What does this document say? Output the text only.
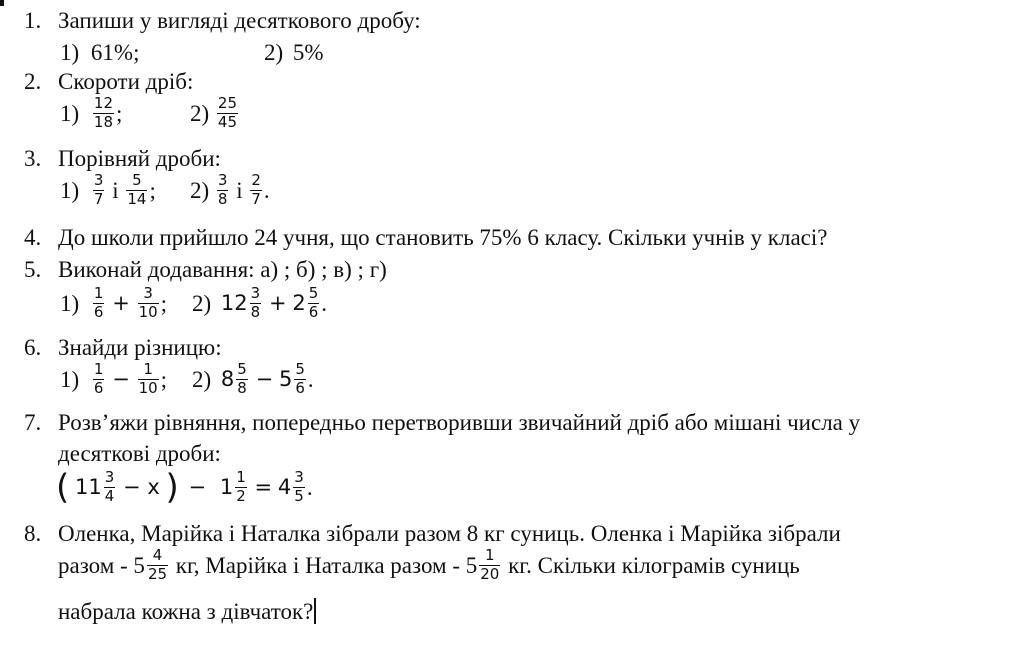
1. Запиши у вигляді десяткового дробу:
1) 61%;	2) 5%
2. Скороти дріб:
$1) \frac{12}{18}$ ;	$2) \frac{25}{45}$
3. Порівняй дроби:
$1) \frac{3}{7}$ і $\frac{5}{14}$ ; $2) \frac{3}{8}$ і $\frac{2}{7}$ .
4. До школи прийшло 24 учня, що становить 75% 6 класу. Скільки учнів у класі?
5. Виконай додавання: а) ; б) ; в) ; г)
$1) \frac{1}{6} + \frac{3}{10}$ ; 2) $12 \frac{3}{8} + 2 \frac{5}{6}$ .
6. Знайди різницю:
$1) \frac{1}{6} - \frac{1}{10}$ ; 2) $8 \frac{5}{8} - 5 \frac{5}{6}$ .
7. Розв’яжи рівняння, попередньо перетворивши звичайний дріб або мішані числа у
десяткові дроби:
( $11 \frac{3}{4} - x$ ) − $1 \frac{1}{2} = 4 \frac{3}{5}$ .
8. Оленка, Марійка і Наталка зібрали разом 8 кг суниць. Оленка і Марійка зібрали
разом - $5 \frac{4}{25}$ кг, Марійка і Наталка разом - $5 \frac{1}{20}$ кг. Скільки кілограмів суниць
набрала кожна з дівчаток?
